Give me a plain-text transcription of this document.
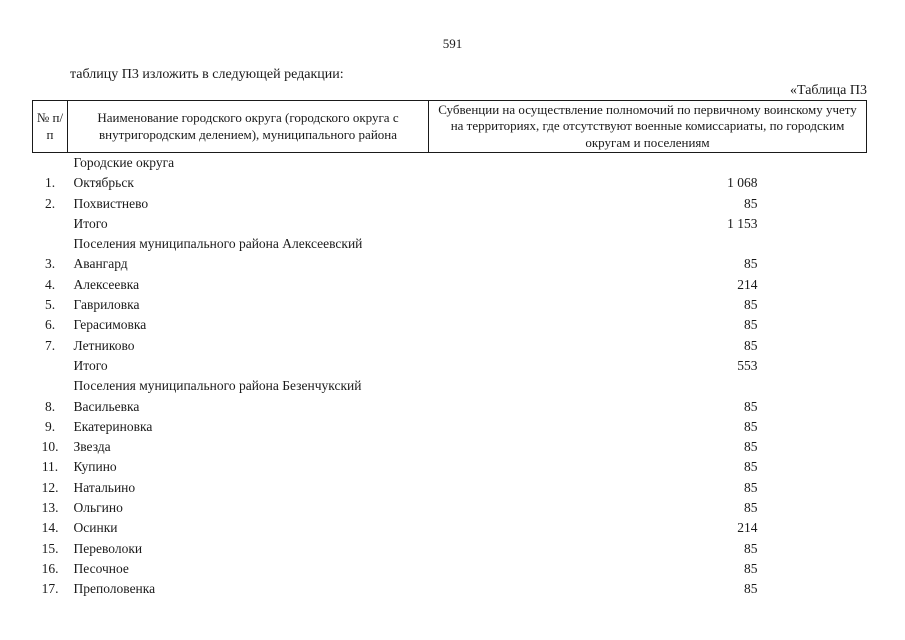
591
таблицу П3 изложить в следующей редакции:
«Таблица П3
№ п/п	Наименование городского округа (городского округа с внутригородским делением), муниципального района	Субвенции на осуществление полномочий по первичному воинскому учету на территориях, где отсутствуют военные комиссариаты, по городским округам и поселениям
	Городские округа	
1.	Октябрьск	1 068
2.	Похвистнево	85
	Итого	1 153
	Поселения муниципального района Алексеевский	
3.	Авангард	85
4.	Алексеевка	214
5.	Гавриловка	85
6.	Герасимовка	85
7.	Летниково	85
	Итого	553
	Поселения муниципального района Безенчукский	
8.	Васильевка	85
9.	Екатериновка	85
10.	Звезда	85
11.	Купино	85
12.	Натальино	85
13.	Ольгино	85
14.	Осинки	214
15.	Переволоки	85
16.	Песочное	85
17.	Преполовенка	85
